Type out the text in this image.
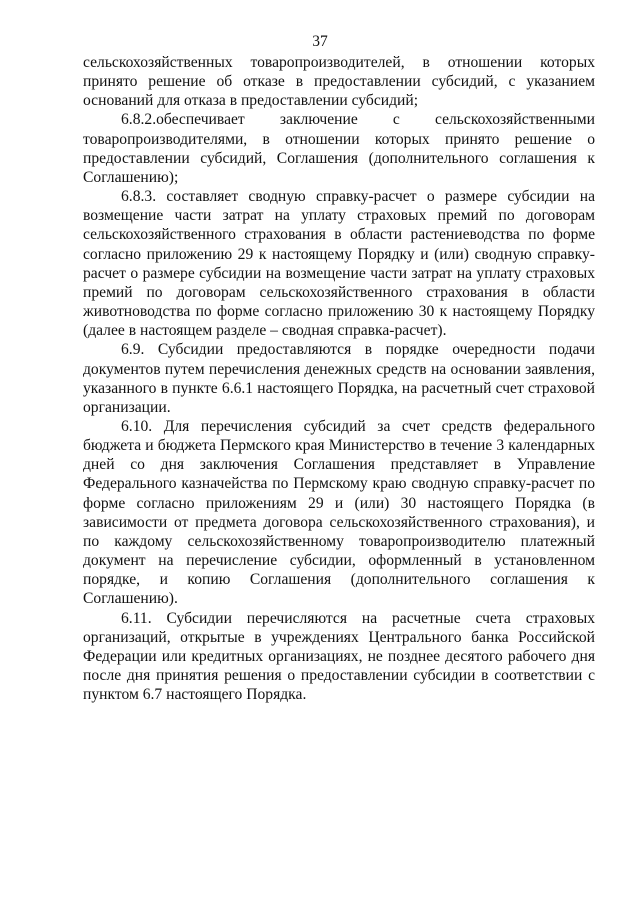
37

сельскохозяйственных товаропроизводителей, в отношении которых принято решение об отказе в предоставлении субсидий, с указанием оснований для отказа в предоставлении субсидий;

6.8.2.обеспечивает заключение с сельскохозяйственными товаропроизводителями, в отношении которых принято решение о предоставлении субсидий, Соглашения (дополнительного соглашения к Соглашению);

6.8.3. составляет сводную справку-расчет о размере субсидии на возмещение части затрат на уплату страховых премий по договорам сельскохозяйственного страхования в области растениеводства по форме согласно приложению 29 к настоящему Порядку и (или) сводную справку-расчет о размере субсидии на возмещение части затрат на уплату страховых премий по договорам сельскохозяйственного страхования в области животноводства по форме согласно приложению 30 к настоящему Порядку (далее в настоящем разделе – сводная справка-расчет).

6.9. Субсидии предоставляются в порядке очередности подачи документов путем перечисления денежных средств на основании заявления, указанного в пункте 6.6.1 настоящего Порядка, на расчетный счет страховой организации.

6.10. Для перечисления субсидий за счет средств федерального бюджета и бюджета Пермского края Министерство в течение 3 календарных дней со дня заключения Соглашения представляет в Управление Федерального казначейства по Пермскому краю сводную справку-расчет по форме согласно приложениям 29 и (или) 30 настоящего Порядка (в зависимости от предмета договора сельскохозяйственного страхования), и по каждому сельскохозяйственному товаропроизводителю платежный документ на перечисление субсидии, оформленный в установленном порядке, и копию Соглашения (дополнительного соглашения к Соглашению).

6.11. Субсидии перечисляются на расчетные счета страховых организаций, открытые в учреждениях Центрального банка Российской Федерации или кредитных организациях, не позднее десятого рабочего дня после дня принятия решения о предоставлении субсидии в соответствии с пунктом 6.7 настоящего Порядка.
